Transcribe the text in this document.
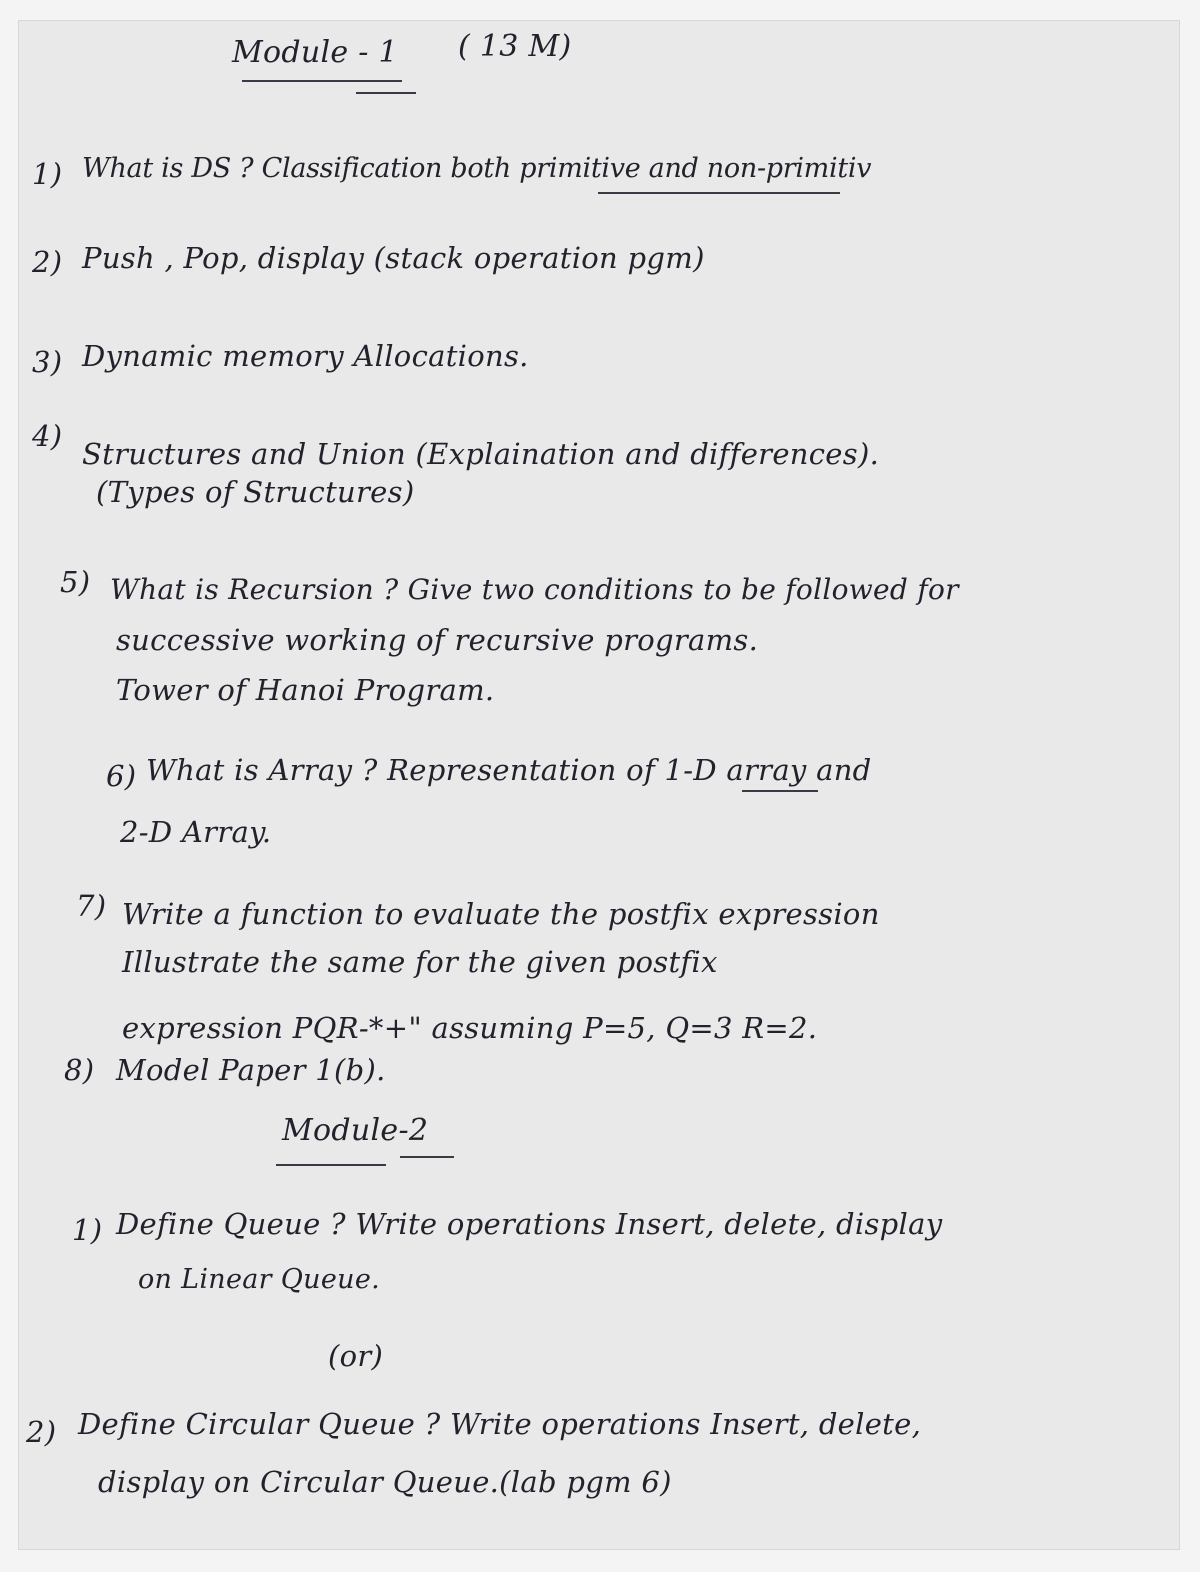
Module - 1 ( 13 M)
1) What is DS ? Classification both primitive and non-primitiv
2) Push , Pop, display (stack operation pgm)
3) Dynamic memory Allocations.
4)
Structures and Union (Explaination and differences).
(Types of Structures)
5) What is Recursion ? Give two conditions to be followed for
successive working of recursive programs.
Tower of Hanoi Program.
6) What is Array ? Representation of 1-D array and
2-D Array.
7) Write a function to evaluate the postfix expression
Illustrate the same for the given postfix
expression PQR-*+" assuming P=5, Q=3 R=2.
8) Model Paper 1(b).
Module-2
1) Define Queue ? Write operations Insert, delete, display
on Linear Queue.
(or)
2) Define Circular Queue ? Write operations Insert, delete,
display on Circular Queue.(lab pgm 6)
